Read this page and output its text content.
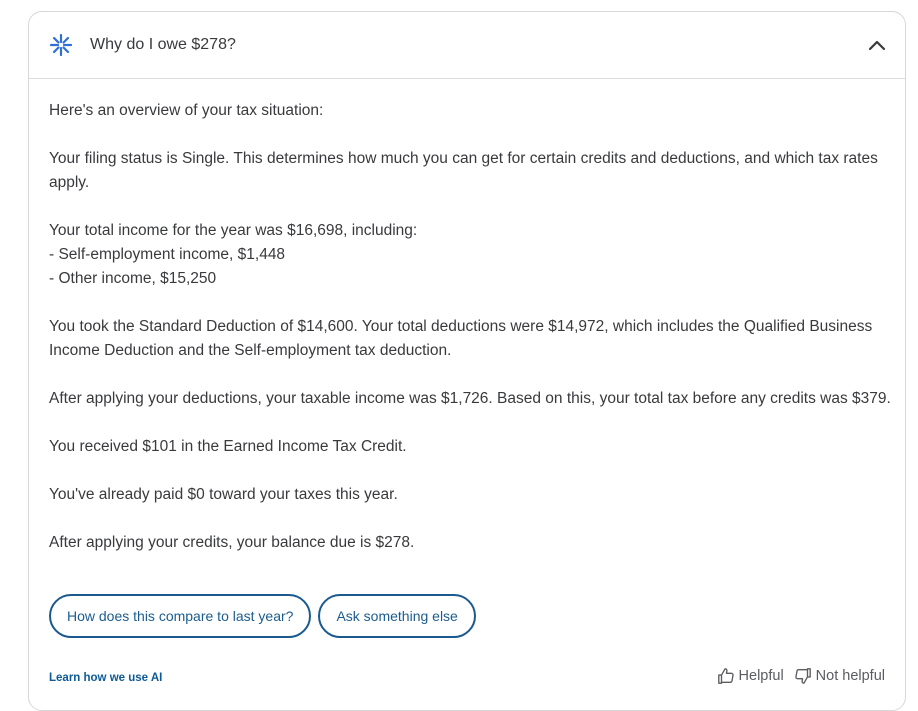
Why do I owe $278?

Here's an overview of your tax situation:

Your filing status is Single. This determines how much you can get for certain credits and deductions, and which tax rates apply.

Your total income for the year was $16,698, including:
- Self-employment income, $1,448
- Other income, $15,250

You took the Standard Deduction of $14,600. Your total deductions were $14,972, which includes the Qualified Business Income Deduction and the Self-employment tax deduction.

After applying your deductions, your taxable income was $1,726. Based on this, your total tax before any credits was $379.

You received $101 in the Earned Income Tax Credit.

You've already paid $0 toward your taxes this year.

After applying your credits, your balance due is $278.

How does this compare to last year?	Ask something else
Learn how we use AI	Helpful Not helpful
